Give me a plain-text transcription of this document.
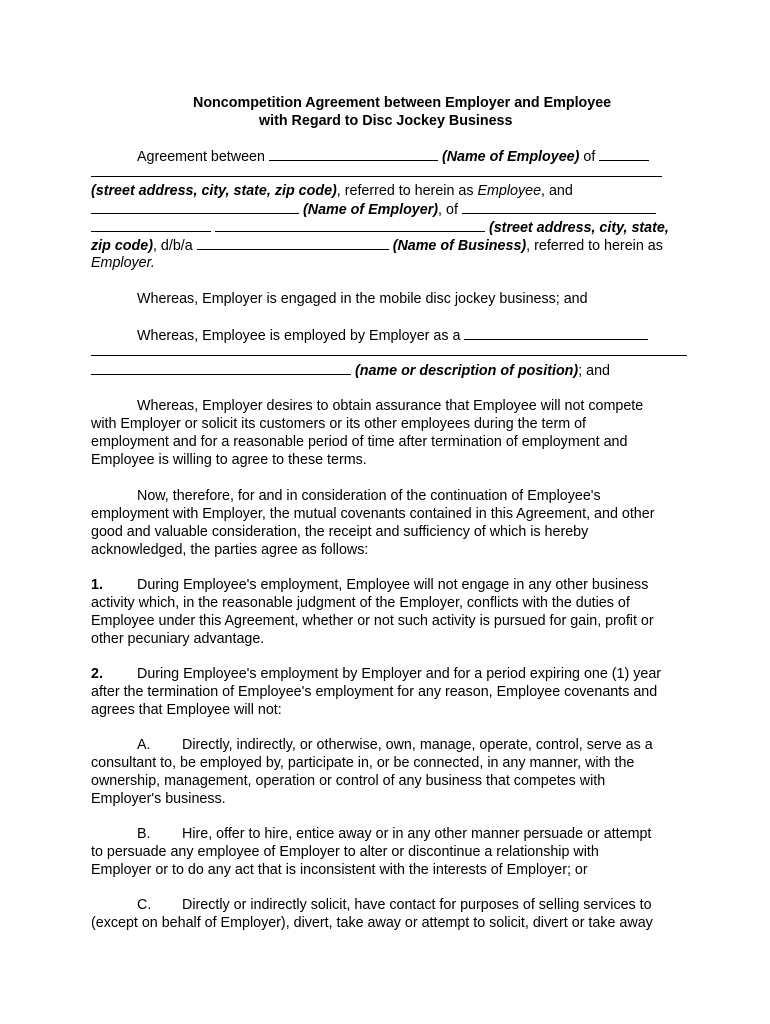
Noncompetition Agreement between Employer and Employee
with Regard to Disc Jockey Business
Agreement between	(Name of Employee) of
(street address, city, state, zip code), referred to herein as Employee, and
(Name of Employer), of
(street address, city, state,
zip code), d/b/a	(Name of Business), referred to herein as
Employer.
Whereas, Employer is engaged in the mobile disc jockey business; and
Whereas, Employee is employed by Employer as a
(name or description of position); and
Whereas, Employer desires to obtain assurance that Employee will not compete
with Employer or solicit its customers or its other employees during the term of
employment and for a reasonable period of time after termination of employment and
Employee is willing to agree to these terms.
Now, therefore, for and in consideration of the continuation of Employee's
employment with Employer, the mutual covenants contained in this Agreement, and other
good and valuable consideration, the receipt and sufficiency of which is hereby
acknowledged, the parties agree as follows:
1. During Employee's employment, Employee will not engage in any other business
activity which, in the reasonable judgment of the Employer, conflicts with the duties of
Employee under this Agreement, whether or not such activity is pursued for gain, profit or
other pecuniary advantage.
2. During Employee's employment by Employer and for a period expiring one (1) year
after the termination of Employee's employment for any reason, Employee covenants and
agrees that Employee will not:
A. Directly, indirectly, or otherwise, own, manage, operate, control, serve as a
consultant to, be employed by, participate in, or be connected, in any manner, with the
ownership, management, operation or control of any business that competes with
Employer's business.
B. Hire, offer to hire, entice away or in any other manner persuade or attempt
to persuade any employee of Employer to alter or discontinue a relationship with
Employer or to do any act that is inconsistent with the interests of Employer; or
C. Directly or indirectly solicit, have contact for purposes of selling services to
(except on behalf of Employer), divert, take away or attempt to solicit, divert or take away
